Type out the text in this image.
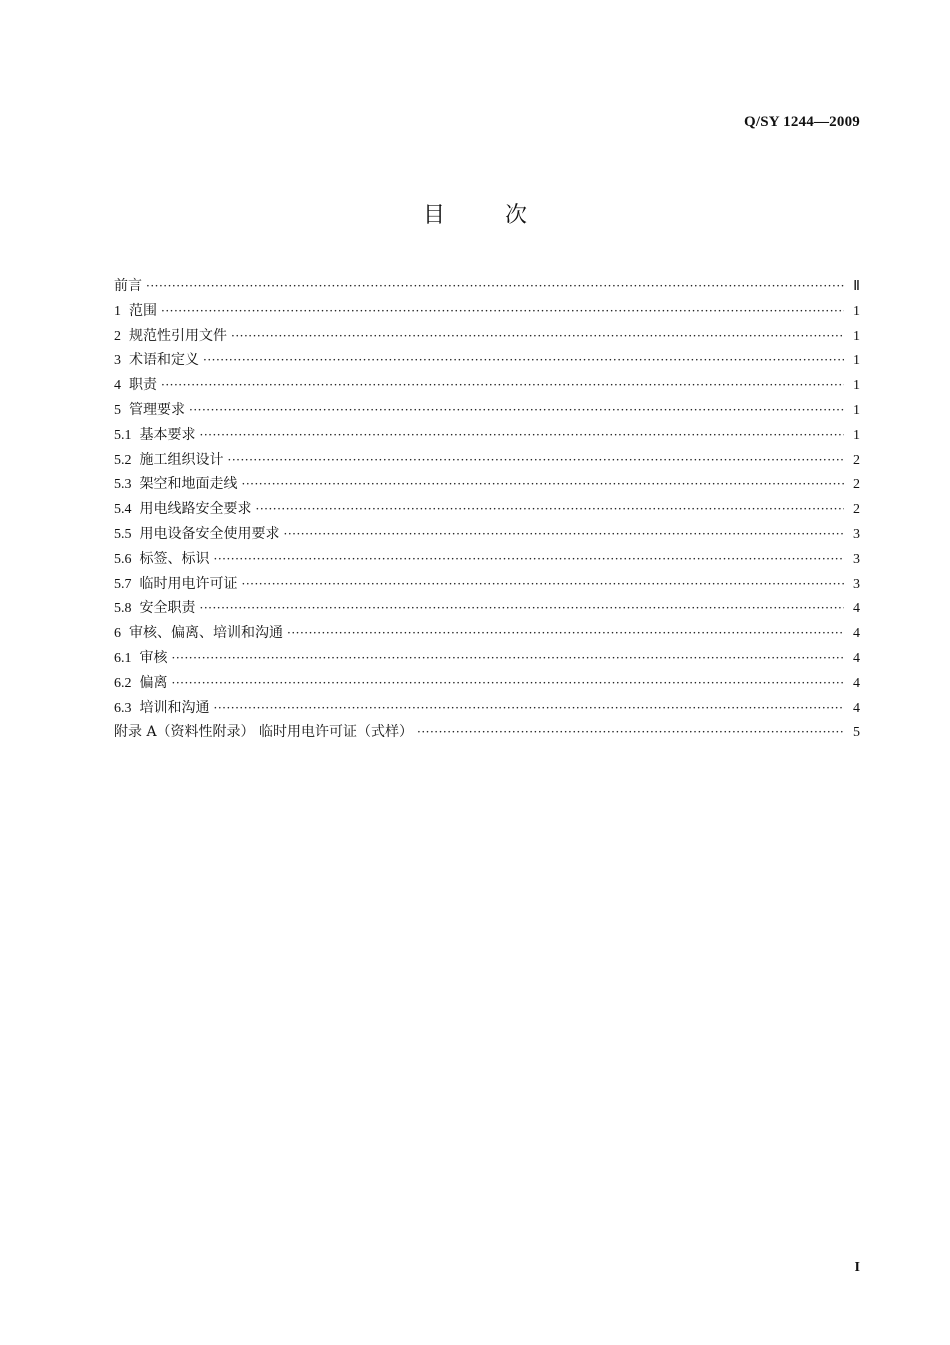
Q/SY 1244—2009
目	次
前言 ·····	Ⅱ
1 范围 ·····	1
2 规范性引用文件 ·····	1
3 术语和定义 ·····	1
4 职责 ·····	1
5 管理要求 ·····	1
5.1 基本要求 ·····	1
5.2 施工组织设计 ·····	2
5.3 架空和地面走线 ·····	2
5.4 用电线路安全要求 ·····	2
5.5 用电设备安全使用要求 ·····	3
5.6 标签、标识 ·····	3
5.7 临时用电许可证 ·····	3
5.8 安全职责 ·····	4
6 审核、偏离、培训和沟通 ·····	4
6.1 审核 ·····	4
6.2 偏离 ·····	4
6.3 培训和沟通 ·····	4
附录 A（资料性附录） 临时用电许可证（式样） ·····	5
I
